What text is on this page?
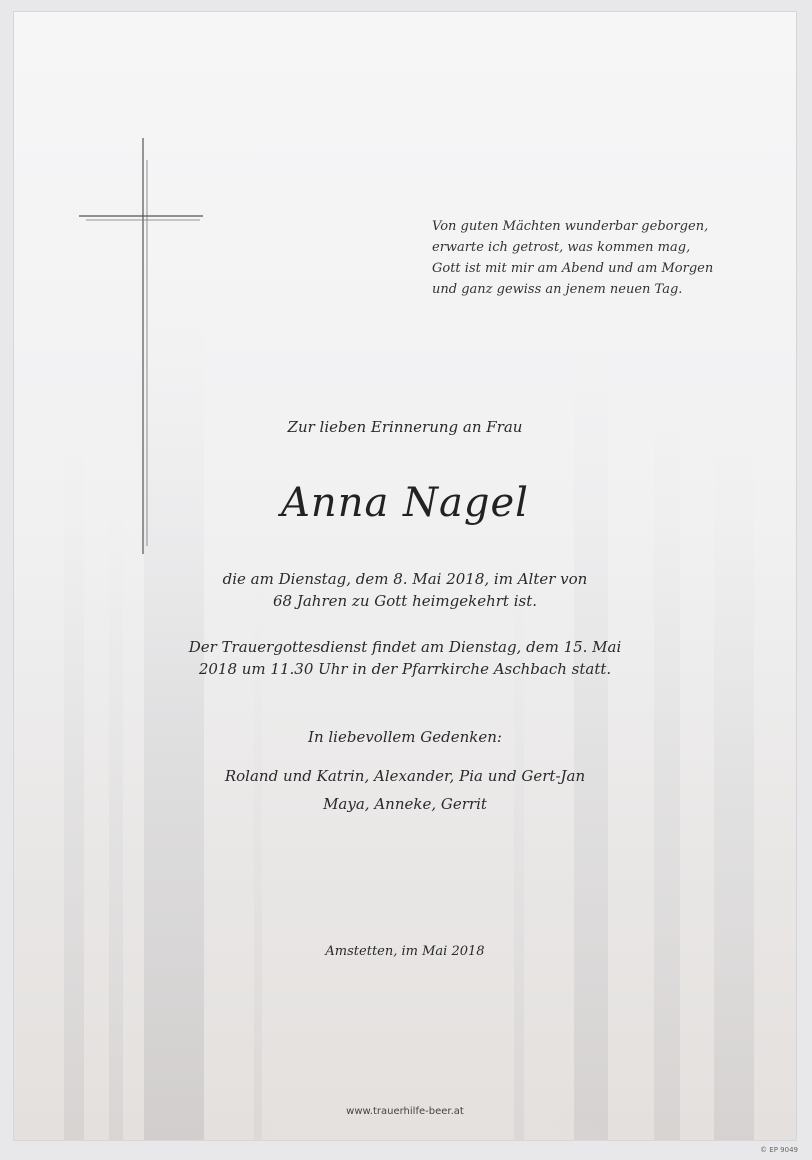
Von guten Mächten wunderbar geborgen,
erwarte ich getrost, was kommen mag,
Gott ist mit mir am Abend und am Morgen
und ganz gewiss an jenem neuen Tag.
Zur lieben Erinnerung an Frau
Anna Nagel
die am Dienstag, dem 8. Mai 2018, im Alter von
68 Jahren zu Gott heimgekehrt ist.
Der Trauergottesdienst findet am Dienstag, dem 15. Mai
2018 um 11.30 Uhr in der Pfarrkirche Aschbach statt.
In liebevollem Gedenken:
Roland und Katrin, Alexander, Pia und Gert-Jan
Maya, Anneke, Gerrit
Amstetten, im Mai 2018
www.trauerhilfe-beer.at
© EP 9049
